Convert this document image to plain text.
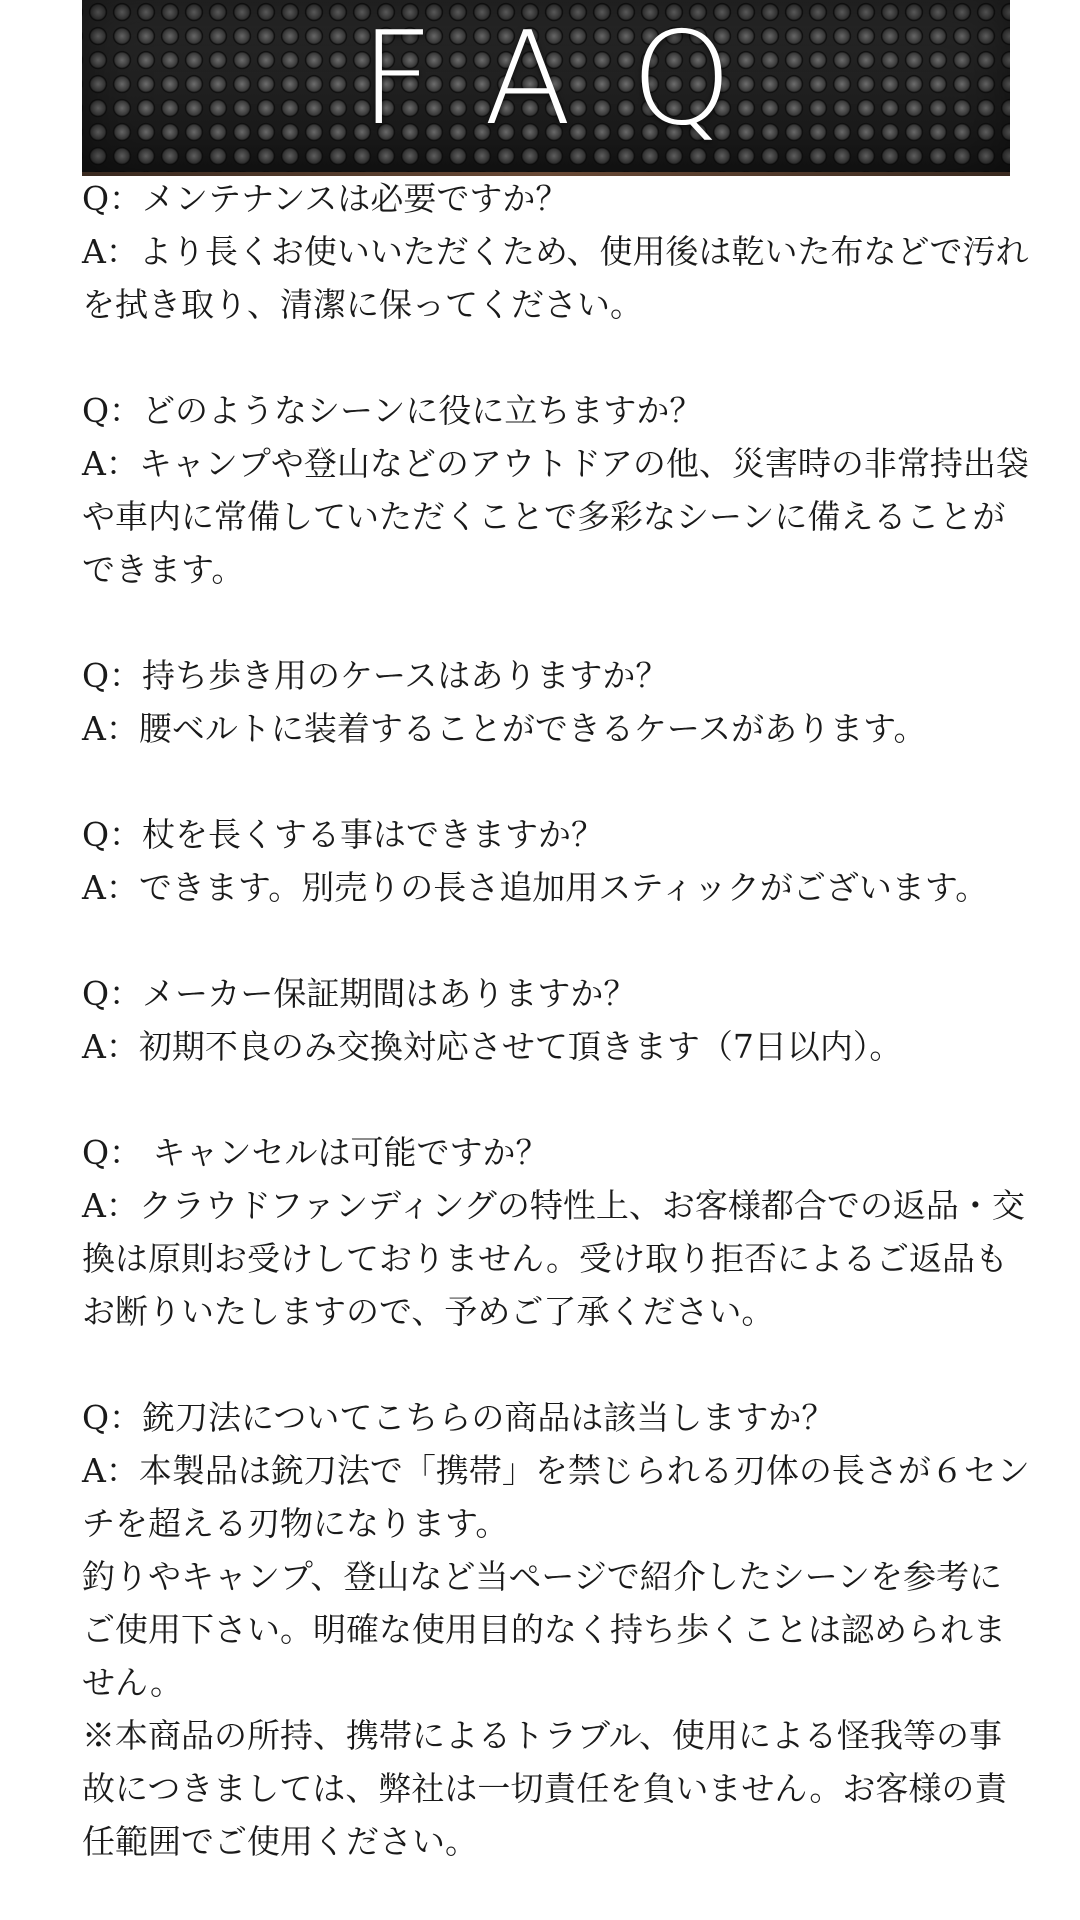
FAQ

Q：メンテナンスは必要ですか？

A：より長くお使いいただくため、使用後は乾いた布などで汚れを拭き取り、清潔に保ってください。

Q：どのようなシーンに役に立ちますか？

A：キャンプや登山などのアウトドアの他、災害時の非常持出袋や車内に常備していただくことで多彩なシーンに備えることができます。

Q：持ち歩き用のケースはありますか？

A：腰ベルトに装着することができるケースがあります。

Q：杖を長くする事はできますか？

A：できます。別売りの長さ追加用スティックがございます。

Q：メーカー保証期間はありますか？

A：初期不良のみ交換対応させて頂きます（7日以内）。

Q： キャンセルは可能ですか？

A：クラウドファンディングの特性上、お客様都合での返品・交換は原則お受けしておりません。受け取り拒否によるご返品もお断りいたしますので、予めご了承ください。

Q：銃刀法についてこちらの商品は該当しますか？

A：本製品は銃刀法で「携帯」を禁じられる刃体の長さが６センチを超える刃物になります。

釣りやキャンプ、登山など当ページで紹介したシーンを参考にご使用下さい。明確な使用目的なく持ち歩くことは認められません。

※本商品の所持、携帯によるトラブル、使用による怪我等の事故につきましては、弊社は一切責任を負いません。お客様の責任範囲でご使用ください。
